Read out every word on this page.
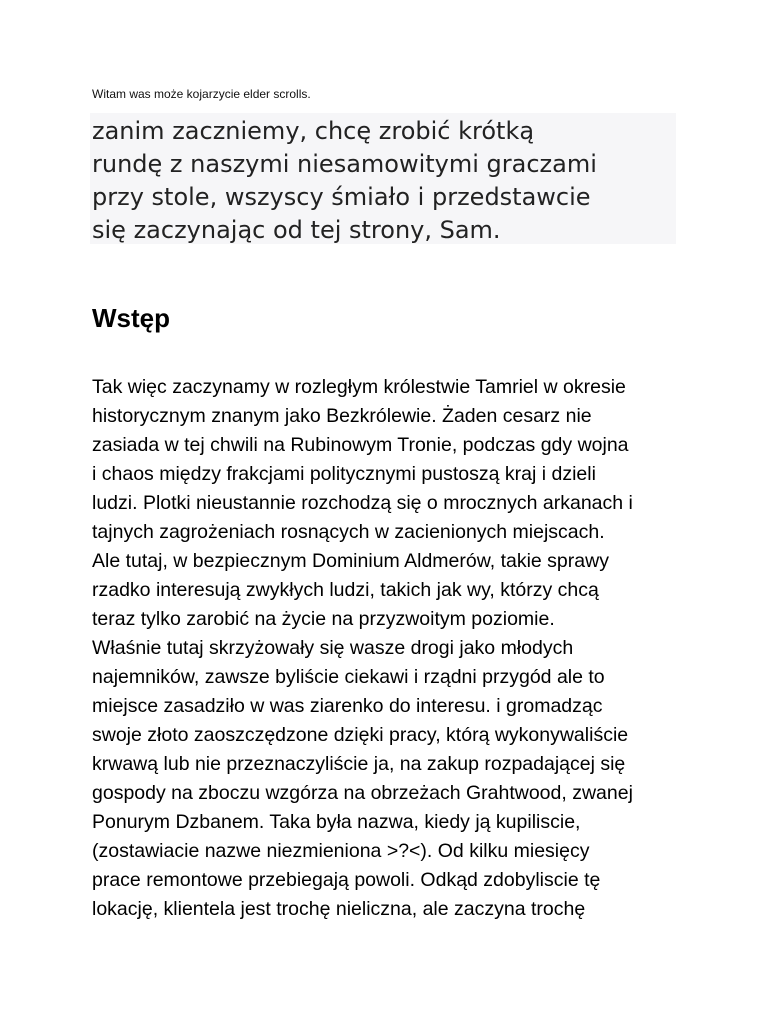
Witam was może kojarzycie elder scrolls.

zanim zaczniemy, chcę zrobić krótką
rundę z naszymi niesamowitymi graczami
przy stole, wszyscy śmiało i przedstawcie
się zaczynając od tej strony, Sam.

Wstęp

Tak więc zaczynamy w rozległym królestwie Tamriel w okresie
historycznym znanym jako Bezkrólewie. Żaden cesarz nie
zasiada w tej chwili na Rubinowym Tronie, podczas gdy wojna
i chaos między frakcjami politycznymi pustoszą kraj i dzieli
ludzi. Plotki nieustannie rozchodzą się o mrocznych arkanach i
tajnych zagrożeniach rosnących w zacienionych miejscach.
Ale tutaj, w bezpiecznym Dominium Aldmerów, takie sprawy
rzadko interesują zwykłych ludzi, takich jak wy, którzy chcą
teraz tylko zarobić na życie na przyzwoitym poziomie.
Właśnie tutaj skrzyżowały się wasze drogi jako młodych
najemników, zawsze byliście ciekawi i rządni przygód ale to
miejsce zasadziło w was ziarenko do interesu. i gromadząc
swoje złoto zaoszczędzone dzięki pracy, którą wykonywaliście
krwawą lub nie przeznaczyliście ja, na zakup rozpadającej się
gospody na zboczu wzgórza na obrzeżach Grahtwood, zwanej
Ponurym Dzbanem. Taka była nazwa, kiedy ją kupiliscie,
(zostawiacie nazwe niezmieniona >?<). Od kilku miesięcy
prace remontowe przebiegają powoli. Odkąd zdobyliscie tę
lokację, klientela jest trochę nieliczna, ale zaczyna trochę
